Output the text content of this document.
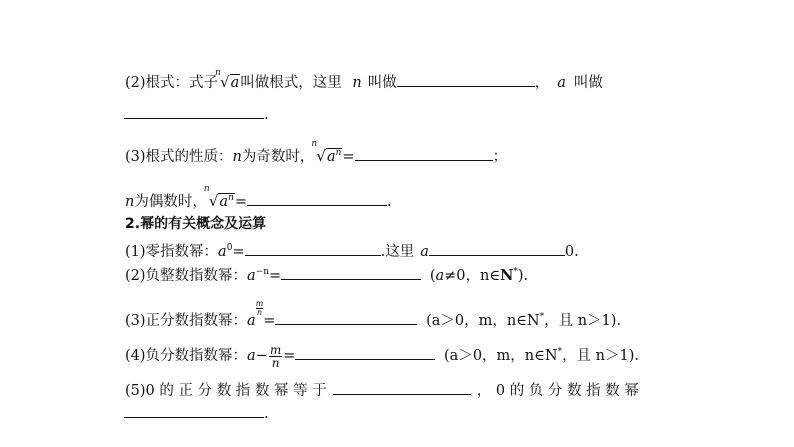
(2)根式：式子
n √a叫做根式，这里 n 叫做	， a 叫做
.
(3)根式的性质：n为奇数时，
n
$√a^n=$	；
n为偶数时，
n
$√a^n=$	.
2.幂的有关概念及运算
(1)零指数幂：$a^0=$	.这里 a	0.
(2)负整数指数幂：$a^{-n}=$	(a≠0，n∈N*).
(3)正分数指数幂：a
$\frac{m}{n}=$	(a＞0，m，n∈N*，且 n＞1).
(4)负分数指数幂：$a- \frac{m}{n}$ =	(a＞0，m，n∈N*，且 n＞1).
(5)0 的 正 分 数 指 数 幂 等 于	， 0 的 负 分 数 指 数 幂
.
